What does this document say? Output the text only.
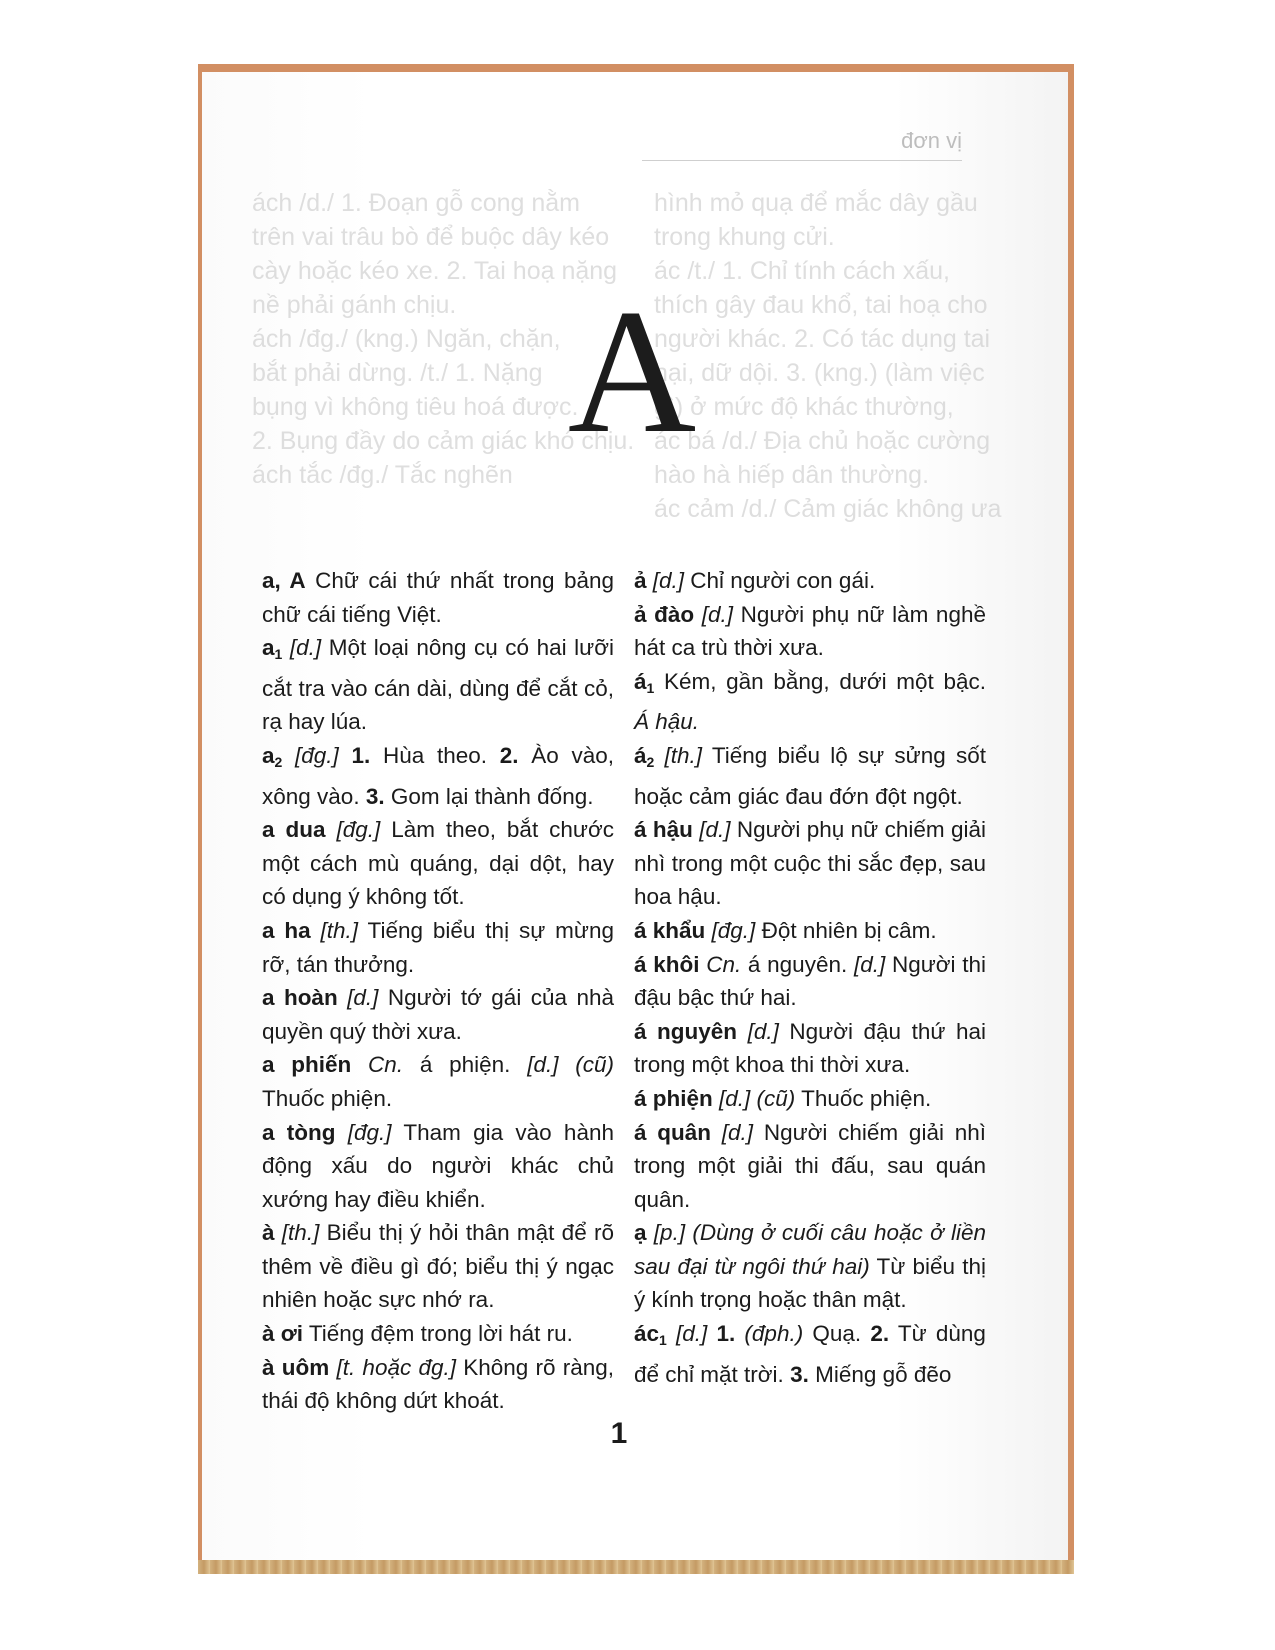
ách /d./ 1. Đoạn gỗ cong nằm
trên vai trâu bò để buộc dây kéo
cày hoặc kéo xe. 2. Tai hoạ nặng
nề phải gánh chịu.
ách /đg./ (kng.) Ngăn, chặn,
bắt phải dừng. /t./ 1. Nặng
bụng vì không tiêu hoá được.
2. Bụng đầy do cảm giác khó chịu.
ách tắc /đg./ Tắc nghẽn
hình mỏ quạ để mắc dây gầu
trong khung cửi.
ác /t./ 1. Chỉ tính cách xấu,
thích gây đau khổ, tai hoạ cho
người khác. 2. Có tác dụng tai
hại, dữ dội. 3. (kng.) (làm việc
gì) ở mức độ khác thường,
ác bá /d./ Địa chủ hoặc cường
hào hà hiếp dân thường.
ác cảm /d./ Cảm giác không ưa
đơn vị
A

a, A Chữ cái thứ nhất trong bảng chữ cái tiếng Việt.

$a_1$ [d.] Một loại nông cụ có hai lưỡi cắt tra vào cán dài, dùng để cắt cỏ, rạ hay lúa.

$a_2$ [đg.] 1. Hùa theo. 2. Ào vào, xông vào. 3. Gom lại thành đống.

a dua [đg.] Làm theo, bắt chước một cách mù quáng, dại dột, hay có dụng ý không tốt.

a ha [th.] Tiếng biểu thị sự mừng rỡ, tán thưởng.

a hoàn [d.] Người tớ gái của nhà quyền quý thời xưa.

a phiến Cn. á phiện. [d.] (cũ) Thuốc phiện.

a tòng [đg.] Tham gia vào hành động xấu do người khác chủ xướng hay điều khiển.

à [th.] Biểu thị ý hỏi thân mật để rõ thêm về điều gì đó; biểu thị ý ngạc nhiên hoặc sực nhớ ra.

à ơi Tiếng đệm trong lời hát ru.

à uôm [t. hoặc đg.] Không rõ ràng, thái độ không dứt khoát.

ả [d.] Chỉ người con gái.

ả đào [d.] Người phụ nữ làm nghề hát ca trù thời xưa.

$á_1$ Kém, gần bằng, dưới một bậc. Á hậu.

$á_2$ [th.] Tiếng biểu lộ sự sửng sốt hoặc cảm giác đau đớn đột ngột.

á hậu [d.] Người phụ nữ chiếm giải nhì trong một cuộc thi sắc đẹp, sau hoa hậu.

á khẩu [đg.] Đột nhiên bị câm.

á khôi Cn. á nguyên. [d.] Người thi đậu bậc thứ hai.

á nguyên [d.] Người đậu thứ hai trong một khoa thi thời xưa.

á phiện [d.] (cũ) Thuốc phiện.

á quân [d.] Người chiếm giải nhì trong một giải thi đấu, sau quán quân.

ạ [p.] (Dùng ở cuối câu hoặc ở liền sau đại từ ngôi thứ hai) Từ biểu thị ý kính trọng hoặc thân mật.

$ác_1$ [d.] 1. (đph.) Quạ. 2. Từ dùng để chỉ mặt trời. 3. Miếng gỗ đẽo

1
